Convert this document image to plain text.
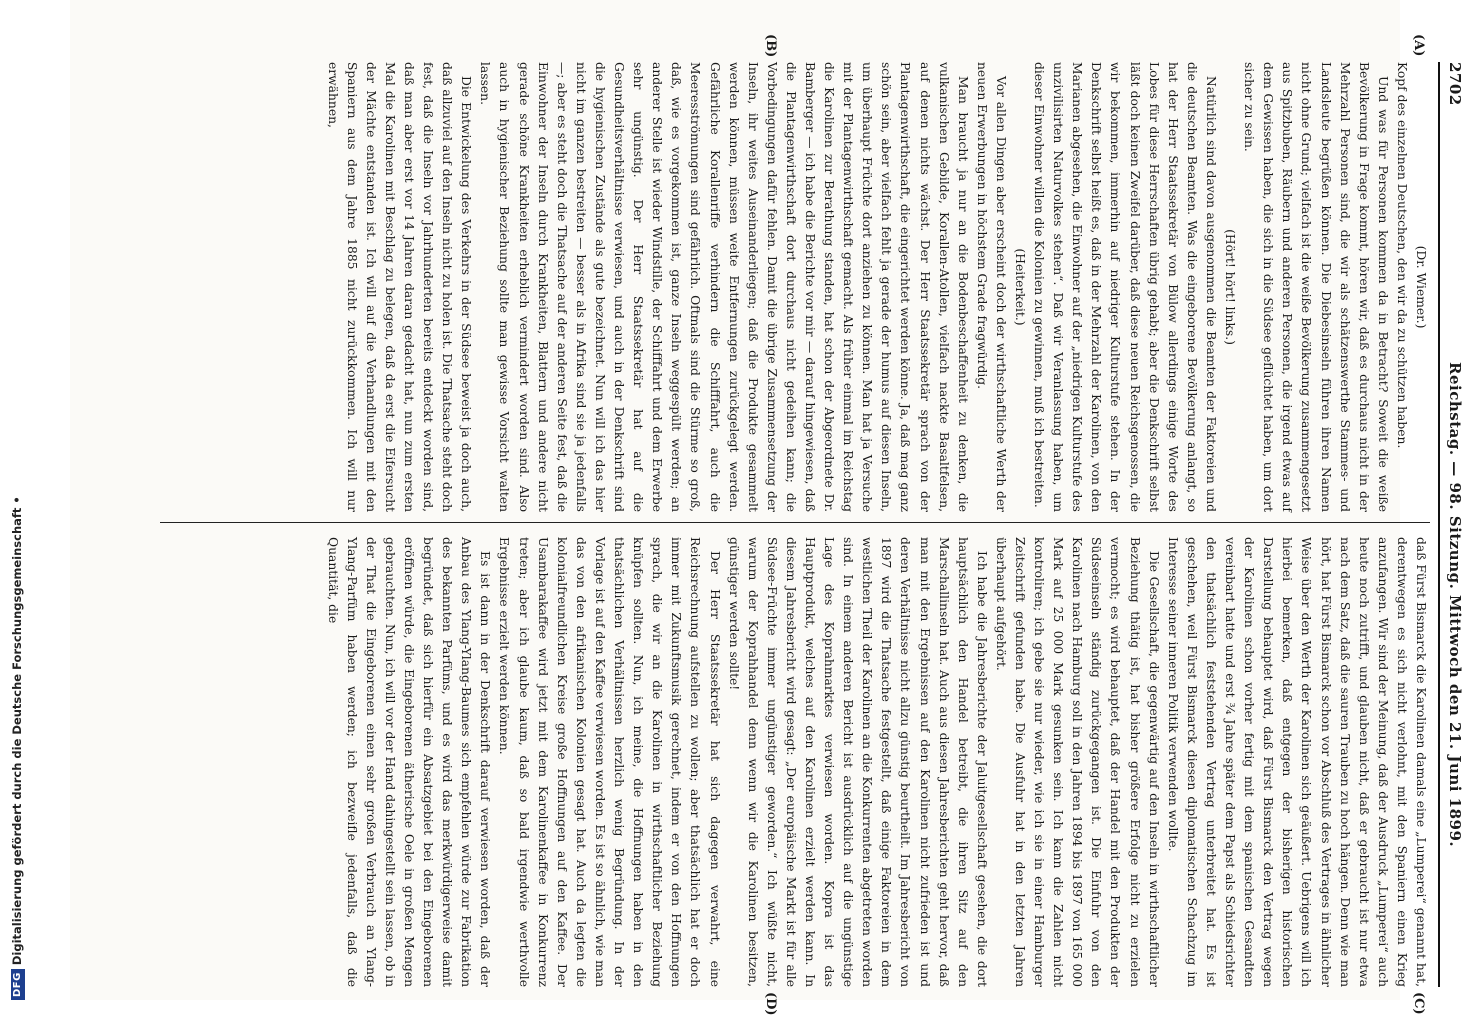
2702
Reichstag. — 98. Sitzung. Mittwoch den 21. Juni 1899.

(Dr. Wiemer.)

Kopf des einzelnen Deutschen, den wir da zu schützen haben.

Und was für Personen kommen da in Betracht? Soweit die weiße Bevölkerung in Frage kommt, hören wir, daß es durchaus nicht in der Mehrzahl Personen sind, die wir als schätzenswerthe Stammes- und Landsleute begrüßen können. Die Diebesinseln führen ihren Namen nicht ohne Grund; vielfach ist die weiße Bevölkerung zusammengesetzt aus Spitzbuben, Räubern und anderen Personen, die irgend etwas auf dem Gewissen haben, die sich in die Südsee geflüchtet haben, um dort sicher zu sein.

(Hört! hört! links.)

Natürlich sind davon ausgenommen die Beamten der Faktoreien und die deutschen Beamten. Was die eingeborene Bevölkerung anlangt, so hat der Herr Staatssekretär von Bülow allerdings einige Worte des Lobes für diese Herrschaften übrig gehabt; aber die Denkschrift selbst läßt doch keinen Zweifel darüber, daß diese neuen Reichsgenossen, die wir bekommen, immerhin auf niedriger Kulturstufe stehen. In der Denkschrift selbst heißt es, daß in der Mehrzahl der Karolinen, von den Marianen abgesehen, die Einwohner auf der „niedrigen Kulturstufe des unzivilisirten Naturvolkes stehen“. Daß wir Veranlassung haben, um dieser Einwohner willen die Kolonien zu gewinnen, muß ich bestreiten.

(Heiterkeit.)

Vor allen Dingen aber erscheint doch der wirthschaftliche Werth der neuen Erwerbungen in höchstem Grade fragwürdig.

Man braucht ja nur an die Bodenbeschaffenheit zu denken, die vulkanischen Gebilde, Korallen-Atollen, vielfach nackte Basaltfelsen, auf denen nichts wächst. Der Herr Staatssekretär sprach von der Plantagenwirthschaft, die eingerichtet werden könne. Ja, daß mag ganz schön sein, aber vielfach fehlt ja gerade der humus auf diesen Inseln, um überhaupt Früchte dort anziehen zu können. Man hat ja Versuche mit der Plantagenwirthschaft gemacht. Als früher einmal im Reichstag die Karolinen zur Berathung standen, hat schon der Abgeordnete Dr. Bamberger — ich habe die Berichte vor mir — darauf hingewiesen, daß die Plantagenwirthschaft dort durchaus nicht gedeihen kann; die Vorbedingungen dafür fehlen. Damit die übrige Zusammensetzung der Inseln, ihr weites Auseinanderliegen; daß die Produkte gesammelt werden können, müssen weite Entfernungen zurückgelegt werden. Gefährliche Korallenriffe verhindern die Schifffahrt, auch die Meeresströmungen sind gefährlich. Oftmals sind die Stürme so groß, daß, wie es vorgekommen ist, ganze Inseln weggespült werden; an anderer Stelle ist wieder Windstille, der Schifffahrt und dem Erwerbe sehr ungünstig. Der Herr Staatssekretär hat auf die Gesundheitsverhältnisse verwiesen, und auch in der Denkschrift sind die hygienischen Zustände als gute bezeichnet. Nun will ich das hier nicht im ganzen bestreiten — besser als in Afrika sind sie ja jedenfalls —; aber es steht doch die Thatsache auf der anderen Seite fest, daß die Einwohner der Inseln durch Krankheiten, Blattern und andere nicht gerade schöne Krankheiten erheblich vermindert worden sind. Also auch in hygienischer Beziehung sollte man gewisse Vorsicht walten lassen.

Die Entwickelung des Verkehrs in der Südsee beweist ja doch auch, daß allzuviel auf den Inseln nicht zu holen ist. Die Thatsache steht doch fest, daß die Inseln vor Jahrhunderten bereits entdeckt worden sind, daß man aber erst vor 14 Jahren daran gedacht hat, nun zum ersten Mal die Karolinen mit Beschlag zu belegen, daß da erst die Eifersucht der Mächte entstanden ist. Ich will auf die Verhandlungen mit den Spaniern aus dem Jahre 1885 nicht zurückkommen. Ich will nur erwähnen,

daß Fürst Bismarck die Karolinen damals eine „Lumperei“ genannt hat, derentwegen es sich nicht verlohnt, mit den Spaniern einen Krieg anzufangen. Wir sind der Meinung, daß der Ausdruck „Lumperei“ auch heute noch zutrifft, und glauben nicht, daß er gebraucht ist nur etwa nach dem Satz, daß die sauren Trauben zu hoch hängen. Denn wie man hört, hat Fürst Bismarck schon vor Abschluß des Vertrages in ähnlicher Weise über den Werth der Karolinen sich geäußert. Uebrigens will ich hierbei bemerken, daß entgegen der bisherigen historischen Darstellung behauptet wird, daß Fürst Bismarck den Vertrag wegen der Karolinen schon vorher fertig mit dem spanischen Gesandten vereinbart hatte und erst ¾ Jahre später dem Papst als Schiedsrichter den thatsächlich feststehenden Vertrag unterbreitet hat. Es ist geschehen, weil Fürst Bismarck diesen diplomatischen Schachzug im Interesse seiner inneren Politik verwenden wollte.

Die Gesellschaft, die gegenwärtig auf den Inseln in wirthschaftlicher Beziehung thätig ist, hat bisher größere Erfolge nicht zu erzielen vermocht; es wird behauptet, daß der Handel mit den Produkten der Südseeinseln ständig zurückgegangen ist. Die Einfuhr von den Karolinen nach Hamburg soll in den Jahren 1894 bis 1897 von 165 000 Mark auf 25 000 Mark gesunken sein. Ich kann die Zahlen nicht kontroliren; ich gebe sie nur wieder, wie ich sie in einer Hamburger Zeitschrift gefunden habe. Die Ausfuhr hat in den letzten Jahren überhaupt aufgehört.

Ich habe die Jahresberichte der Jaluitgesellschaft gesehen, die dort hauptsächlich den Handel betreibt, die ihren Sitz auf den Marschallinseln hat. Auch aus diesen Jahresberichten geht hervor, daß man mit den Ergebnissen auf den Karolinen nicht zufrieden ist und deren Verhältnisse nicht allzu günstig beurtheilt. Im Jahresbericht von 1897 wird die Thatsache festgestellt, daß einige Faktoreien in dem westlichen Theil der Karolinen an die Konkurrenten abgetreten worden sind. In einem anderen Bericht ist ausdrücklich auf die ungünstige Lage des Koprahmarktes verwiesen worden. Kopra ist das Hauptprodukt, welches auf den Karolinen erzielt werden kann. In diesem Jahresbericht wird gesagt: „Der europäische Markt ist für alle Südsee-Früchte immer ungünstiger geworden.“ Ich wüßte nicht, warum der Koprahhandel denn wenn wir die Karolinen besitzen, günstiger werden sollte!

Der Herr Staatssekretär hat sich dagegen verwahrt, eine Reichsrechnung aufstellen zu wollen; aber thatsächlich hat er doch immer mit Zukunftsmusik gerechnet, indem er von den Hoffnungen sprach, die wir an die Karolinen in wirthschaftlicher Beziehung knüpfen sollten. Nun, ich meine, die Hoffnungen haben in den thatsächlichen Verhältnissen herzlich wenig Begründung. In der Vorlage ist auf den Kaffee verwiesen worden. Es ist so ähnlich, wie man das von den afrikanischen Kolonien gesagt hat. Auch da legten die kolonialfreundlichen Kreise große Hoffnungen auf den Kaffee. Der Usambarakaffee wird jetzt mit dem Karolinenkaffee in Konkurrenz treten; aber ich glaube kaum, daß so bald irgendwie werthvolle Ergebnisse erzielt werden können.

Es ist dann in der Denkschrift darauf verwiesen worden, daß der Anbau des Ylang-Ylang-Baumes sich empfehlen würde zur Fabrikation des bekannten Parfüms, und es wird das merkwürdigerweise damit begründet, daß sich hierfür ein Absatzgebiet bei den Eingeborenen eröffnen würde, die Eingeborenen ätherische Oele in großen Mengen gebrauchten. Nun, ich will vor der Hand dahingestellt sein lassen, ob in der That die Eingeborenen einen sehr großen Verbrauch an Ylang-Ylang-Parfüm haben werden; ich bezweifle jedenfalls, daß die Quantität, die

(A)
(B)
(C)
(D)
DFGDigitalisierung gefördert durch die Deutsche Forschungsgemeinschaft •
